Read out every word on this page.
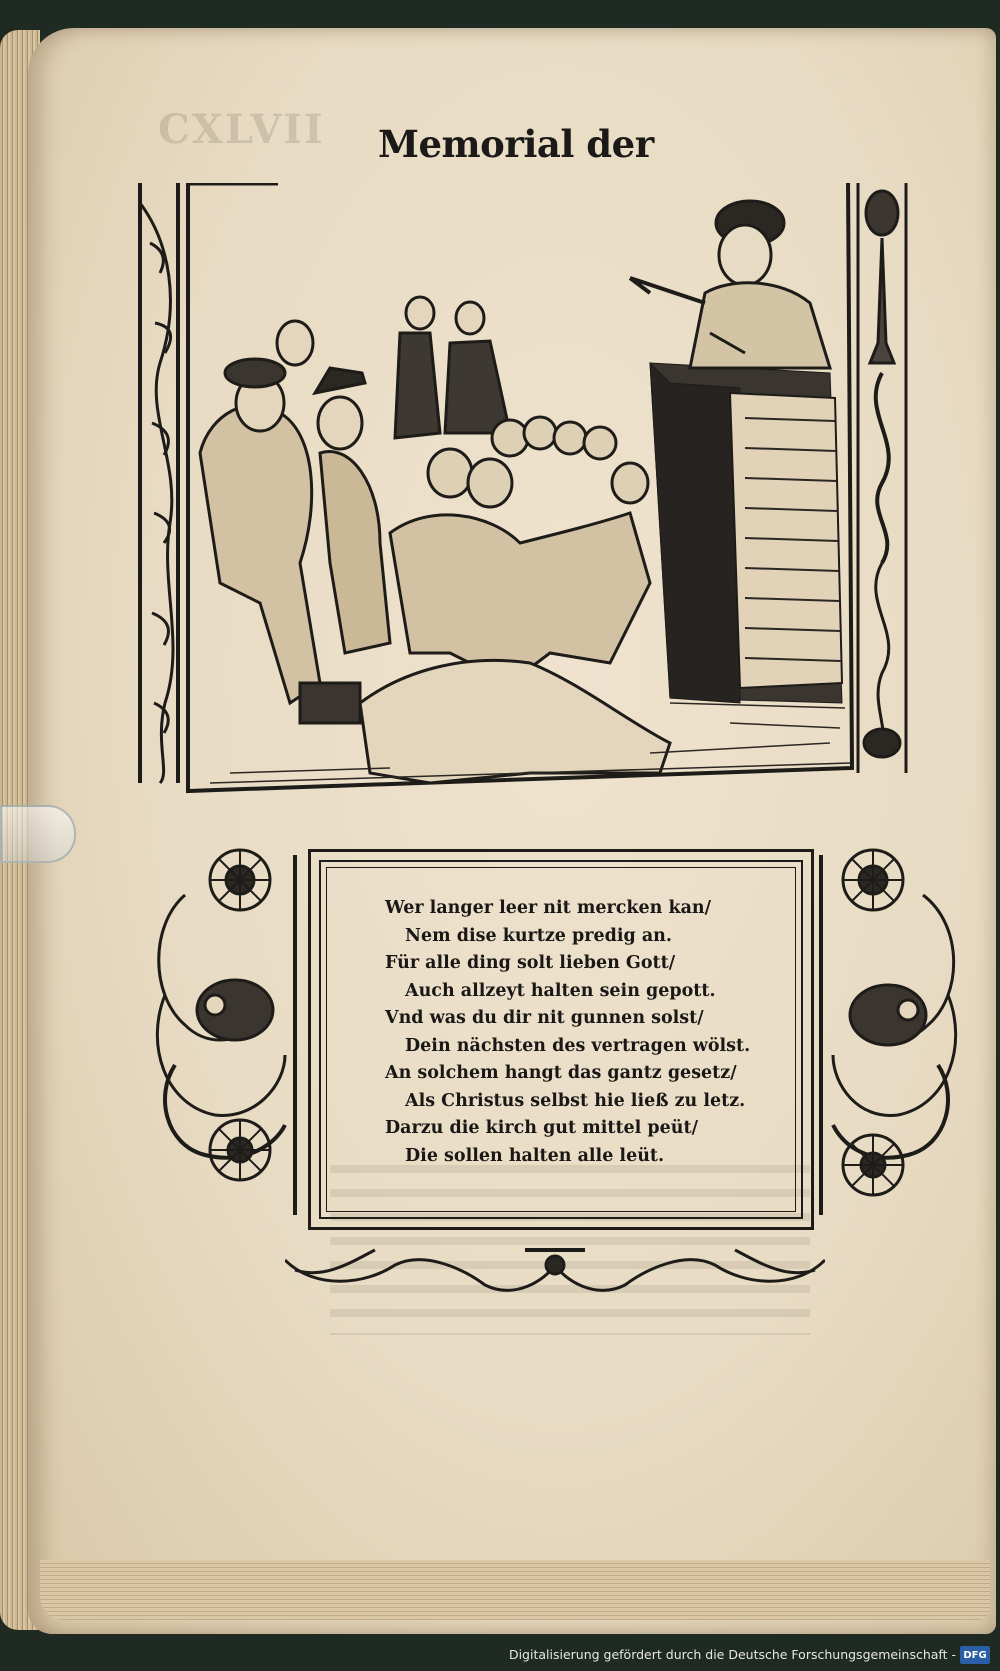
CXLVII Memorial der
Wer langer leer nit mercken kan/
Nem dise kurtze predig an.
Für alle ding solt lieben Gott/
Auch allzeyt halten sein gepott.
Vnd was du dir nit gunnen solst/
Dein nächsten des vertragen wölst.
An solchem hangt das gantz gesetz/
Als Christus selbst hie ließ zu letz.
Darzu die kirch gut mittel peüt/
Die sollen halten alle leüt.
Digitalisierung gefördert durch die Deutsche Forschungsgemeinschaft - DFG
